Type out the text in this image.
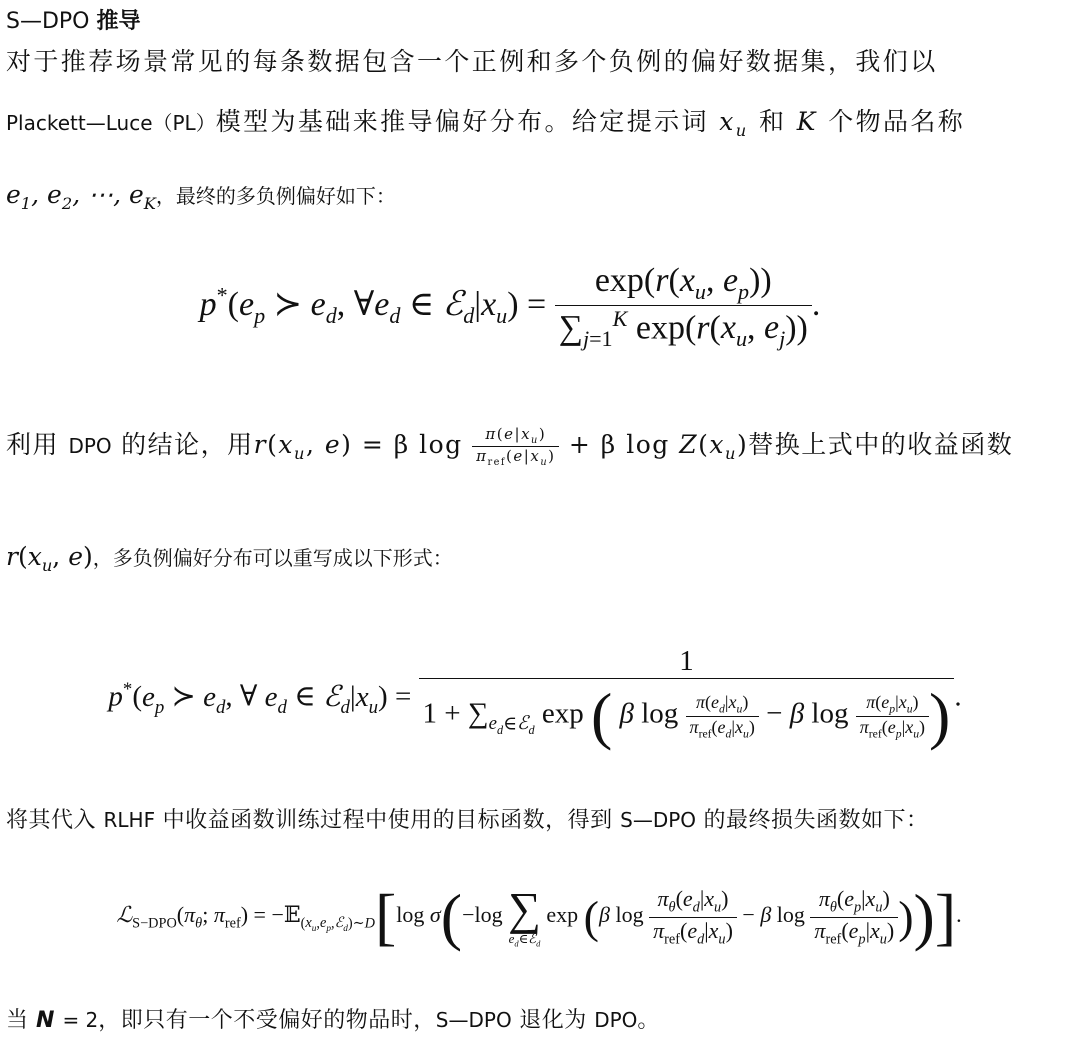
S—DPO 推导
对于推荐场景常见的每条数据包含一个正例和多个负例的偏好数据集，我们以
Plackett—Luce（PL）模型为基础来推导偏好分布。给定提示词 $x_u$ 和 K 个物品名称
$e_1$, $e_2$, ⋯, $e_K$，最终的多负例偏好如下：
$p^*(e_p$ ≻ $e_d$, $\forall e_d$ ∈ $ℰ_d|x_u) = \frac{\exp(r(x_u, e_p))}{\sum_{j=1}^K \exp(r(x_u, e_j))}$ .
利用 DPO 的结论，用$r(x_u$, e) = β $\log \frac{\pi(e|x_u)}{\pi_{ref}(e|x_u)} + \beta$ $\log Z(x_u)$替换上式中的收益函数
$r(x_u$, e)，多负例偏好分布可以重写成以下形式：
$p^*(e_p$ ≻ $e_d$, ∀ $e_d$ ∈ $ℰ_d|x_u$) =
1
$1 + \sum_{e_d\in ℰ_d}$ exp ( β $\log \frac{\pi(e_d|x_u)}{\pi_{ref}(e_d|x_u)} - \beta$ $\log \frac{\pi(e_p|x_u)}{\pi_{ref}(e_p|x_u)}$ ) .
将其代入 RLHF 中收益函数训练过程中使用的目标函数，得到 S—DPO 的最终损失函数如下：
$ℒ_{S-DPO}(\pi_\theta$; $\pi_{ref}$) = −𝔼$_{(x_u,e_p,ℰ_d)\sim D}$[log σ(−log ∑
$e_d\in ℰ_d$
exp (β $\log \frac{\pi_\theta(e_d|x_u)}{\pi_{ref}(e_d|x_u)} - \beta$ $\log \frac{\pi_\theta(e_p|x_u)}{\pi_{ref}(e_p|x_u)}$ ))].
当 N = 2，即只有一个不受偏好的物品时，S—DPO 退化为 DPO。
